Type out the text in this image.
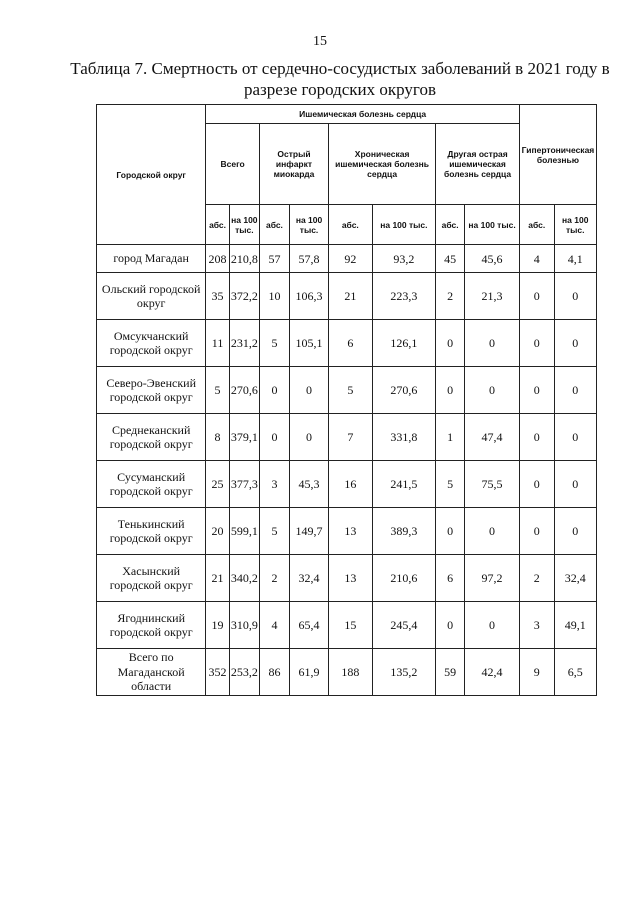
15
Таблица 7. Смертность от сердечно-сосудистых заболеваний в 2021 году в разрезе городских округов
Городской округ	Ишемическая болезнь сердца								Гипертоническая болезнью	
	Всего		Острый инфаркт миокарда		Хроническая ишемическая болезнь сердца		Другая острая ишемическая болезнь сердца			
	абс.	на 100 тыс.	абс.	на 100 тыс.	абс.	на 100 тыс.	абс.	на 100 тыс.	абс.	на 100 тыс.
город Магадан	208	210,8	57	57,8	92	93,2	45	45,6	4	4,1
Ольский городской округ	35	372,2	10	106,3	21	223,3	2	21,3	0	0
Омсукчанский городской округ	11	231,2	5	105,1	6	126,1	0	0	0	0
Северо-Эвенский городской округ	5	270,6	0	0	5	270,6	0	0	0	0
Среднеканский городской округ	8	379,1	0	0	7	331,8	1	47,4	0	0
Сусуманский городской округ	25	377,3	3	45,3	16	241,5	5	75,5	0	0
Тенькинский городской округ	20	599,1	5	149,7	13	389,3	0	0	0	0
Хасынский городской округ	21	340,2	2	32,4	13	210,6	6	97,2	2	32,4
Ягоднинский городской округ	19	310,9	4	65,4	15	245,4	0	0	3	49,1
Всего по Магаданской области	352	253,2	86	61,9	188	135,2	59	42,4	9	6,5
